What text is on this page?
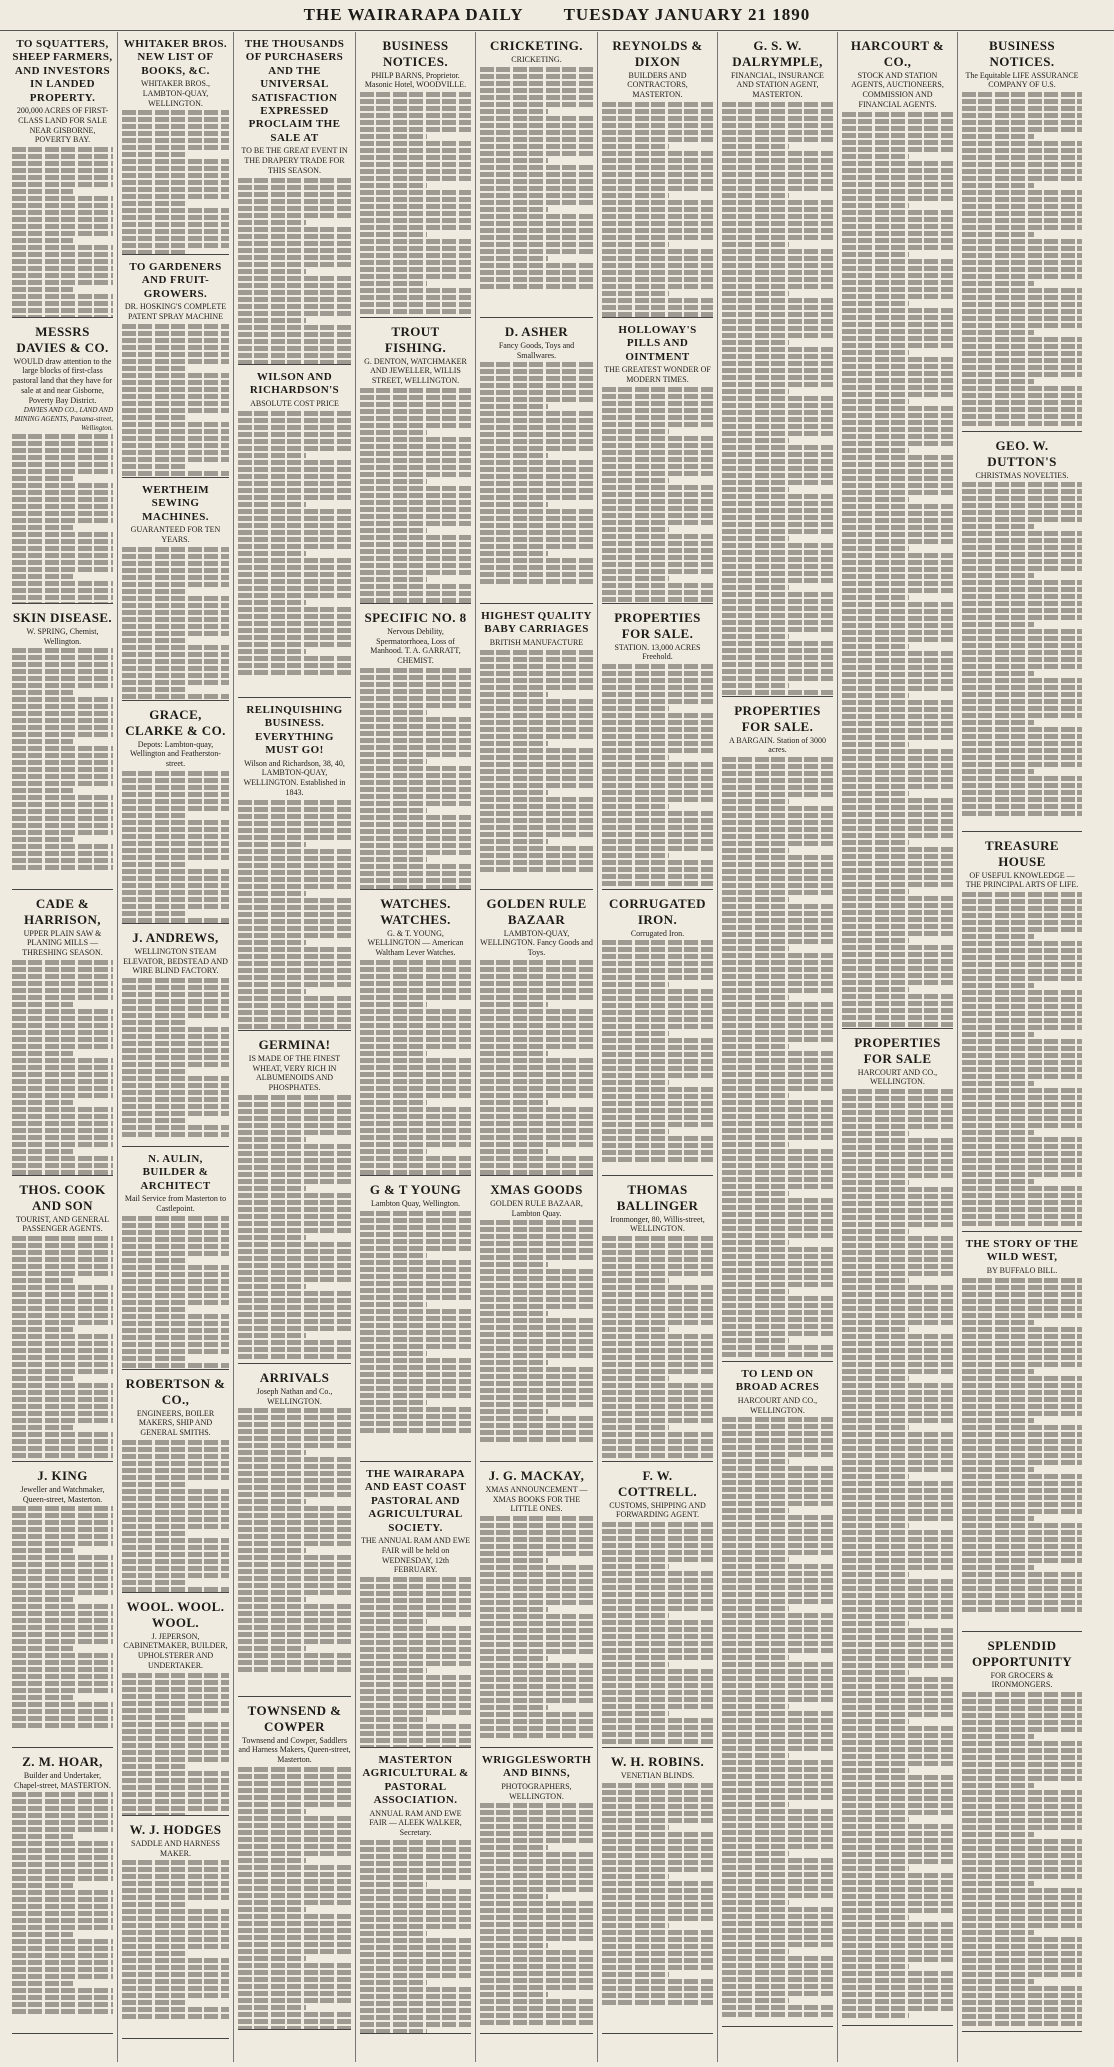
THE WAIRARAPA DAILY TUESDAY JANUARY 21 1890
TO SQUATTERS, SHEEP FARMERS, AND INVESTORS IN LANDED PROPERTY.
200,000 ACRES OF FIRST-CLASS LAND FOR SALE NEAR GISBORNE, POVERTY BAY.
MESSRS DAVIES & CO.
WOULD draw attention to the large blocks of first-class pastoral land that they have for sale at and near Gisborne, Poverty Bay District.
DAVIES AND CO., LAND AND MINING AGENTS, Panama-street, Wellington.
SKIN DISEASE.
W. SPRING, Chemist, Wellington.
CADE & HARRISON,
UPPER PLAIN SAW & PLANING MILLS — THRESHING SEASON.
THOS. COOK AND SON
TOURIST, AND GENERAL PASSENGER AGENTS.
J. KING
Jeweller and Watchmaker, Queen-street, Masterton.
Z. M. HOAR,
Builder and Undertaker, Chapel-street, MASTERTON.
WHITAKER BROS. NEW LIST OF BOOKS, &C.
WHITAKER BROS., LAMBTON-QUAY, WELLINGTON.
TO GARDENERS AND FRUIT-GROWERS.
DR. HOSKING'S COMPLETE PATENT SPRAY MACHINE
WERTHEIM SEWING MACHINES.
GUARANTEED FOR TEN YEARS.
GRACE, CLARKE & CO.
Depots: Lambton-quay, Wellington and Featherston-street.
J. ANDREWS,
WELLINGTON STEAM ELEVATOR, BEDSTEAD AND WIRE BLIND FACTORY.
N. AULIN, BUILDER & ARCHITECT
Mail Service from Masterton to Castlepoint.
ROBERTSON & CO.,
ENGINEERS, BOILER MAKERS, SHIP AND GENERAL SMITHS.
WOOL. WOOL. WOOL.
J. JEPERSON, CABINETMAKER, BUILDER, UPHOLSTERER AND UNDERTAKER.
W. J. HODGES
SADDLE AND HARNESS MAKER.
THE THOUSANDS OF PURCHASERS AND THE UNIVERSAL SATISFACTION EXPRESSED PROCLAIM THE SALE AT
TO BE THE GREAT EVENT IN THE DRAPERY TRADE FOR THIS SEASON.
WILSON AND RICHARDSON'S
ABSOLUTE COST PRICE
RELINQUISHING BUSINESS. EVERYTHING MUST GO!
Wilson and Richardson, 38, 40, LAMBTON-QUAY, WELLINGTON. Established in 1843.
GERMINA!
IS MADE OF THE FINEST WHEAT, VERY RICH IN ALBUMENOIDS AND PHOSPHATES.
ARRIVALS
Joseph Nathan and Co., WELLINGTON.
TOWNSEND & COWPER
Townsend and Cowper, Saddlers and Harness Makers, Queen-street, Masterton.
BUSINESS NOTICES.
PHILP BARNS, Proprietor. Masonic Hotel, WOODVILLE.
TROUT FISHING.
G. DENTON, WATCHMAKER AND JEWELLER, WILLIS STREET, WELLINGTON.
SPECIFIC NO. 8
Nervous Debility, Spermatorrhoea, Loss of Manhood. T. A. GARRATT, CHEMIST.
WATCHES. WATCHES.
G. & T. YOUNG, WELLINGTON — American Waltham Lever Watches.
G & T YOUNG
Lambton Quay, Wellington.
THE WAIRARAPA AND EAST COAST PASTORAL AND AGRICULTURAL SOCIETY.
THE ANNUAL RAM AND EWE FAIR will be held on WEDNESDAY, 12th FEBRUARY.
MASTERTON AGRICULTURAL & PASTORAL ASSOCIATION.
ANNUAL RAM AND EWE FAIR — ALEEK WALKER, Secretary.
CRICKETING.
CRICKETING.
D. ASHER
Fancy Goods, Toys and Smallwares.
HIGHEST QUALITY BABY CARRIAGES
BRITISH MANUFACTURE
GOLDEN RULE BAZAAR
LAMBTON-QUAY, WELLINGTON. Fancy Goods and Toys.
XMAS GOODS
GOLDEN RULE BAZAAR, Lambton Quay.
J. G. MACKAY,
XMAS ANNOUNCEMENT — XMAS BOOKS FOR THE LITTLE ONES.
WRIGGLESWORTH AND BINNS,
PHOTOGRAPHERS, WELLINGTON.
REYNOLDS & DIXON
BUILDERS AND CONTRACTORS, MASTERTON.
HOLLOWAY'S PILLS AND OINTMENT
THE GREATEST WONDER OF MODERN TIMES.
PROPERTIES FOR SALE.
STATION. 13,000 ACRES Freehold.
CORRUGATED IRON.
Corrugated Iron.
THOMAS BALLINGER
Ironmonger, 80, Willis-street, WELLINGTON.
F. W. COTTRELL.
CUSTOMS, SHIPPING AND FORWARDING AGENT.
W. H. ROBINS.
VENETIAN BLINDS.
G. S. W. DALRYMPLE,
FINANCIAL, INSURANCE AND STATION AGENT, MASTERTON.
PROPERTIES FOR SALE.
A BARGAIN. Station of 3000 acres.
TO LEND ON BROAD ACRES
HARCOURT AND CO., WELLINGTON.
HARCOURT & CO.,
STOCK AND STATION AGENTS, AUCTIONEERS, COMMISSION AND FINANCIAL AGENTS.
PROPERTIES FOR SALE
HARCOURT AND CO., WELLINGTON.
BUSINESS NOTICES.
The Equitable LIFE ASSURANCE COMPANY OF U.S.
GEO. W. DUTTON'S
CHRISTMAS NOVELTIES.
TREASURE HOUSE
OF USEFUL KNOWLEDGE — THE PRINCIPAL ARTS OF LIFE.
THE STORY OF THE WILD WEST,
BY BUFFALO BILL.
SPLENDID OPPORTUNITY
FOR GROCERS & IRONMONGERS.
